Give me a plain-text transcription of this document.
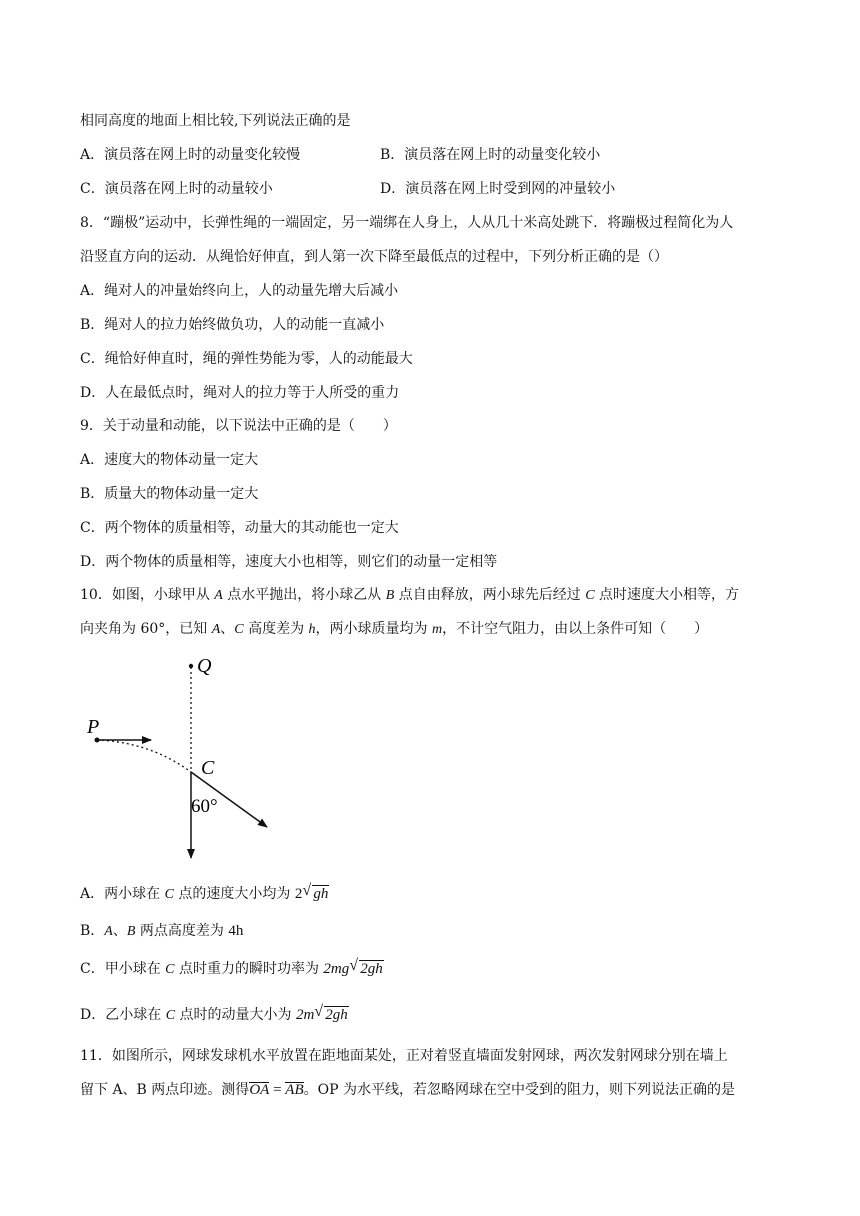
相同高度的地面上相比较,下列说法正确的是
A．演员落在网上时的动量变化较慢	B．演员落在网上时的动量变化较小
C．演员落在网上时的动量较小	D．演员落在网上时受到网的冲量较小
8．“蹦极”运动中，长弹性绳的一端固定，另一端绑在人身上，人从几十米高处跳下．将蹦极过程简化为人
沿竖直方向的运动．从绳恰好伸直，到人第一次下降至最低点的过程中，下列分析正确的是（）
A．绳对人的冲量始终向上，人的动量先增大后减小
B．绳对人的拉力始终做负功，人的动能一直减小
C．绳恰好伸直时，绳的弹性势能为零，人的动能最大
D．人在最低点时，绳对人的拉力等于人所受的重力
9．关于动量和动能，以下说法中正确的是（　　）
A．速度大的物体动量一定大
B．质量大的物体动量一定大
C．两个物体的质量相等，动量大的其动能也一定大
D．两个物体的质量相等，速度大小也相等，则它们的动量一定相等
10．如图，小球甲从 A 点水平抛出，将小球乙从 B 点自由释放，两小球先后经过 C 点时速度大小相等，方
向夹角为 60°，已知 A、C 高度差为 h，两小球质量均为 m，不计空气阻力，由以上条件可知（　　）
Q
P
C
60°
A．两小球在 C 点的速度大小均为 2 √ gh
B．A、B 两点高度差为 4h
C．甲小球在 C 点时重力的瞬时功率为 2mg √ 2gh
D．乙小球在 C 点时的动量大小为 2m √ 2gh
11．如图所示，网球发球机水平放置在距地面某处，正对着竖直墙面发射网球，两次发射网球分别在墙上
留下 A、B 两点印迹。测得OA = AB。OP 为水平线，若忽略网球在空中受到的阻力，则下列说法正确的是
